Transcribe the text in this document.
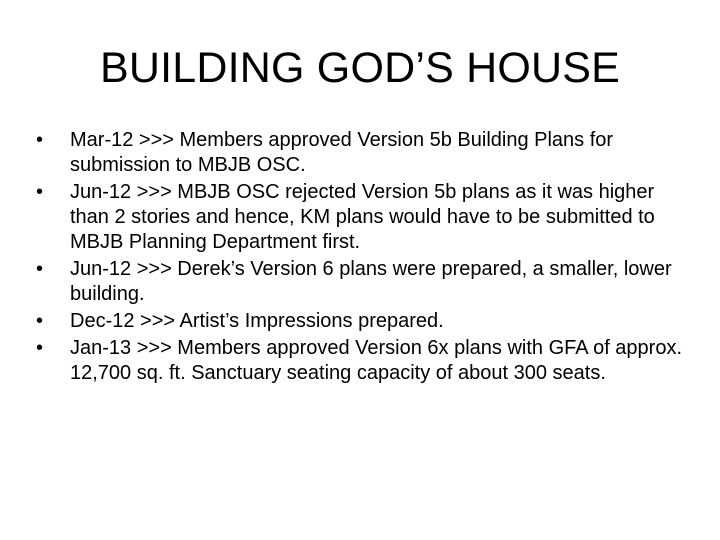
BUILDING GOD’S HOUSE
•	Mar-12 >>> Members approved Version 5b Building Plans for submission to MBJB OSC.
•	Jun-12 >>> MBJB OSC rejected Version 5b plans as it was higher than 2 stories and hence, KM plans would have to be submitted to MBJB Planning Department first.
•	Jun-12 >>> Derek’s Version 6 plans were prepared, a smaller, lower building.
•	Dec-12 >>> Artist’s Impressions prepared.
•	Jan-13 >>> Members approved Version 6x plans with GFA of approx. 12,700 sq. ft. Sanctuary seating capacity of about 300 seats.
